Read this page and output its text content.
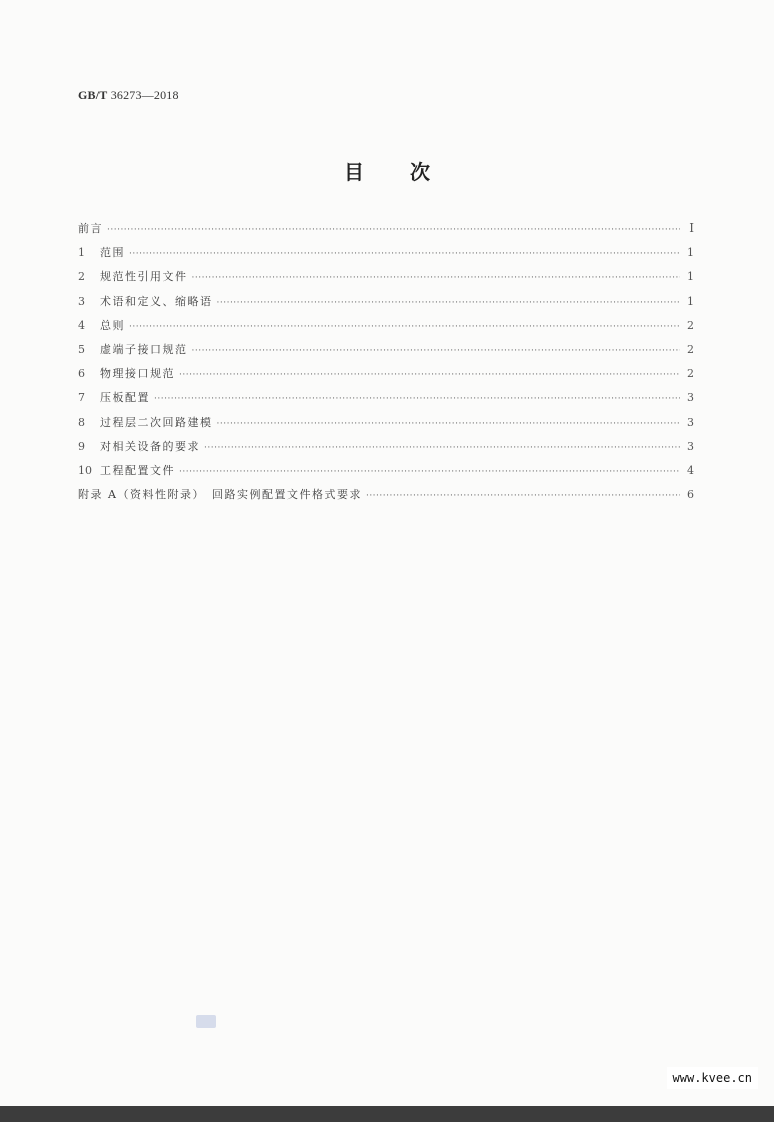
GB/T 36273—2018
目 次
前言 ·····	I
1	范围 ·····	1
2	规范性引用文件 ·····	1
3	术语和定义、缩略语 ·····	1
4	总则 ·····	2
5	虚端子接口规范 ·····	2
6	物理接口规范 ·····	2
7	压板配置 ·····	3
8	过程层二次回路建模 ·····	3
9	对相关设备的要求 ·····	3
10 工程配置文件 ·····	4
附录 A（资料性附录）　回路实例配置文件格式要求 ·····	6
www.kvee.cn
